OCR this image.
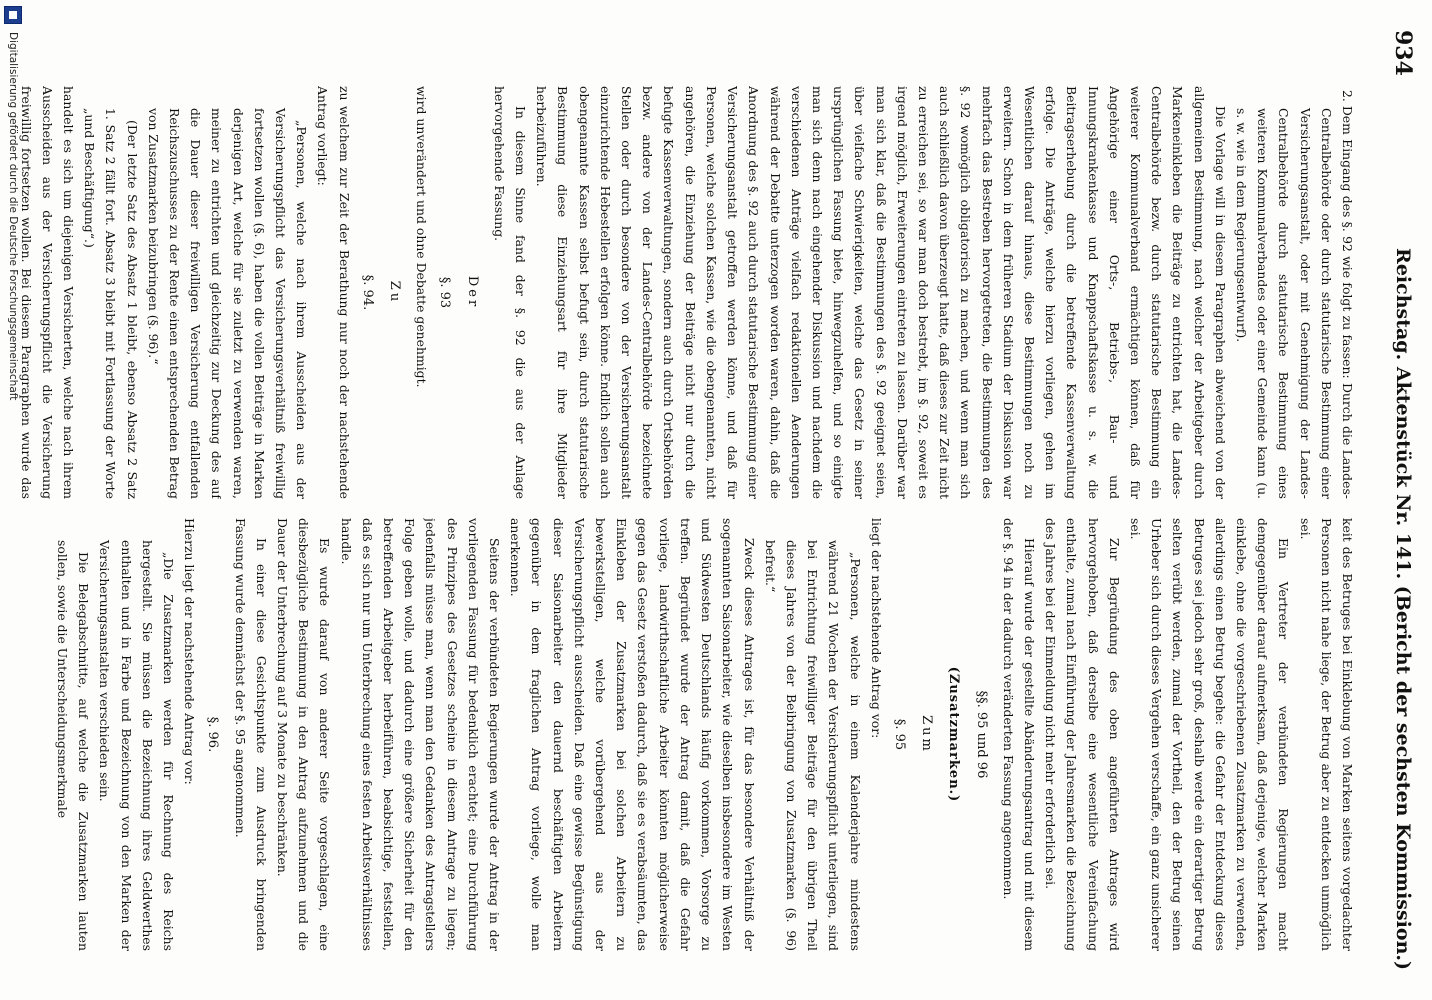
934
Reichstag. Aktenstück Nr. 141. (Bericht der sechsten Kommission.)

2.Dem Eingang des §. 92 wie folgt zu fassen: Durch die Landes-Centralbehörde oder durch statutarische Bestimmung einer Versicherungsanstalt, oder mit Genehmigung der Landes-Centralbehörde durch statutarische Bestimmung eines weiteren Kommunalverbandes oder einer Gemeinde kann (u. s. w. wie in dem Regierungsentwurf).

Die Vorlage will in diesem Paragraphen abweichend von der allgemeinen Bestimmung, nach welcher der Arbeitgeber durch Markeneinkleben die Beiträge zu entrichten hat, die Landes-Centralbehörde bezw. durch statutarische Bestimmung ein weiterer Kommunalverband ermächtigen können, daß für Angehörige einer Orts-, Betriebs-, Bau- und Innungskrankenkasse und Knappschaftskasse u. s. w. die Beitragserhebung durch die betreffende Kassenverwaltung erfolge. Die Anträge, welche hierzu vorliegen, gehen im Wesentlichen darauf hinaus, diese Bestimmungen noch zu erweitern. Schon in dem früheren Stadium der Diskussion war mehrfach das Bestreben hervorgetreten, die Bestimmungen des §. 92 womöglich obligatorisch zu machen, und wenn man sich auch schließlich davon überzeugt hatte, daß dieses zur Zeit nicht zu erreichen sei, so war man doch bestrebt, im §. 92, soweit es irgend möglich, Erweiterungen eintreten zu lassen. Darüber war man sich klar, daß die Bestimmungen des §. 92 geeignet seien, über vielfache Schwierigkeiten, welche das Gesetz in seiner ursprünglichen Fassung biete, hinwegzuhelfen, und so einigte man sich denn nach eingehender Diskussion und nachdem die verschiedenen Anträge vielfach redaktionellen Aenderungen während der Debatte unterzogen worden waren, dahin, daß die Anordnung des §. 92 auch durch statutarische Bestimmung einer Versicherungsanstalt getroffen werden könne, und daß für Personen, welche solchen Kassen, wie die obengenannten, nicht angehören, die Einziehung der Beiträge nicht nur durch die befugte Kassenverwaltungen, sondern auch durch Ortsbehörden bezw. andere von der Landes-Centralbehörde bezeichnete Stellen oder durch besondere von der Versicherungsanstalt einzurichtende Hebestellen erfolgen könne. Endlich sollen auch obengenannte Kassen selbst befugt sein, durch statutarische Bestimmung diese Einziehungsart für ihre Mitglieder herbeizuführen.

In diesem Sinne fand der §. 92 die aus der Anlage hervorgehende Fassung.

Der
§. 93

wird unverändert und ohne Debatte genehmigt.

Zu
§. 94.

zu welchem zur Zeit der Berathung nur noch der nachstehende Antrag vorliegt:

„Personen, welche nach ihrem Ausscheiden aus der Versicherungspflicht das Versicherungsverhältniß freiwillig fortsetzen wollen (§. 6), haben die vollen Beiträge in Marken derjenigen Art, welche für sie zuletzt zu verwenden waren, meiner zu entrichten und gleichzeitig zur Deckung des auf die Dauer dieser freiwilligen Versicherung entfallenden Reichszuschusses zu der Rente einen entsprechenden Betrag von Zusatzmarken beizubringen (§. 96).“

(Der letzte Satz des Absatz 1 bleibt, ebenso Absatz 2 Satz 1. Satz 2 fällt fort. Absatz 3 bleibt mit Fortlassung der Worte „und Beschäftigung“.)

handelt es sich um diejenigen Versicherten, welche nach ihrem Ausscheiden aus der Versicherungspflicht die Versicherung freiwillig fortsetzen wollen. Bei diesem Paragraphen wurde das

keit des Betruges bei Einklebung von Marken seitens vorgedachter Personen nicht nahe liege, der Betrug aber zu entdecken unmöglich sei.

Ein Vertreter der verbündeten Regierungen macht demgegenüber darauf aufmerksam, daß derjenige, welcher Marken einklebe, ohne die vorgeschriebenen Zusatzmarken zu verwenden, allerdings einen Betrug begehe: die Gefahr der Entdeckung dieses Betruges sei jedoch sehr groß, deshalb werde ein derartiger Betrug selten verübt werden, zumal der Vortheil, den der Betrug seinen Urheber sich durch dieses Vergehen verschaffe, ein ganz unsicherer sei.

Zur Begründung des oben angeführten Antrages wird hervorgehoben, daß derselbe eine wesentliche Vereinfachung enthalte, zumal nach Einführung der Jahresmarken die Bezeichnung des Jahres bei der Einmeldung nicht mehr erforderlich sei.

Hierauf wurde der gestellte Abänderungsantrag und mit diesem der §. 94 in der dadurch veränderten Fassung angenommen.

§§. 95 und 96
(Zusatzmarken.)
Zum
§. 95

liegt der nachstehende Antrag vor:

„Personen, welche in einem Kalenderjahre mindestens während 21 Wochen der Versicherungspflicht unterliegen, sind bei Entrichtung freiwilliger Beiträge für den übrigen Theil dieses Jahres von der Beibringung von Zusatzmarken (§. 96) befreit.“

Zweck dieses Antrages ist, für das besondere Verhältniß der sogenannten Saisonarbeiter, wie dieselben insbesondere im Westen und Südwesten Deutschlands häufig vorkommen, Vorsorge zu treffen. Begründet wurde der Antrag damit, daß die Gefahr vorliege, landwirthschaftliche Arbeiter könnten möglicherweise gegen das Gesetz verstoßen dadurch, daß sie es verabsäumten, das Einkleben der Zusatzmarken bei solchen Arbeitern zu bewerkstelligen, welche vorübergehend aus der Versicherungspflicht ausscheiden. Daß eine gewisse Begünstigung dieser Saisonarbeiter den dauernd beschäftigten Arbeitern gegenüber in dem fraglichen Antrag vorliege, wolle man anerkennen.

Seitens der verbündeten Regierungen wurde der Antrag in der vorliegenden Fassung für bedenklich erachtet; eine Durchführung des Prinzipes des Gesetzes scheine in diesem Antrage zu liegen; jedenfalls müsse man, wenn man den Gedanken des Antragstellers Folge geben wolle, und dadurch eine größere Sicherheit für den betreffenden Arbeitgeber herbeiführen, beabsichtige, feststellen, daß es sich nur um Unterbrechung eines festen Arbeitsverhältnisses handle.

Es wurde darauf von anderer Seite vorgeschlagen, eine diesbezügliche Bestimmung in den Antrag aufzunehmen und die Dauer der Unterbrechung auf 3 Monate zu beschränken.

In einer diese Gesichtspunkte zum Ausdruck bringenden Fassung wurde demnächst der §. 95 angenommen.

§. 96.

Hierzu liegt der nachstehende Antrag vor:

„Die Zusatzmarken werden für Rechnung des Reichs hergestellt. Sie müssen die Bezeichnung ihres Geldwerthes enthalten und in Farbe und Bezeichnung von den Marken der Versicherungsanstalten verschieden sein.

Die Belegabschnitte, auf welche die Zusatzmarken lauten sollen, sowie die Unterscheidungsmerkmale

Digitalisierung gefördert durch die Deutsche Forschungsgemeinschaft
